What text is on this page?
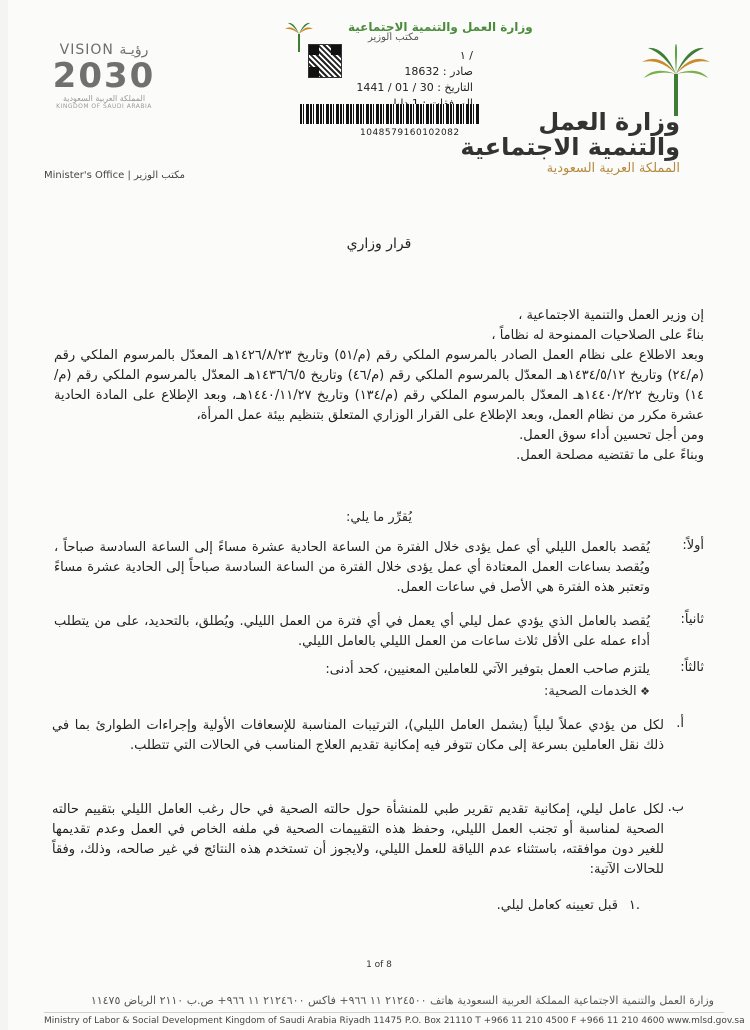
وزارة العمل
والتنمية الاجتماعية
المملكة العربية السعودية
وزارة العمل والتنمية الاجتماعية
مكتب الوزير
/ ١
صادر : 18632
التاريخ : 30 / 01 / 1441
1048579160102082
VISION رؤيـة
2030
المملكة العربية السعودية
KINGDOM OF SAUDI ARABIA
Minister's Office | مكتب الوزير
قرار وزاري
إن وزير العمل والتنمية الاجتماعية ،
بناءً على الصلاحيات الممنوحة له نظاماً ،
وبعد الاطلاع على نظام العمل الصادر بالمرسوم الملكي رقم (م/٥١) وتاريخ ١٤٢٦/٨/٢٣هـ المعدّل بالمرسوم الملكي رقم (م/٢٤) وتاريخ ١٤٣٤/٥/١٢هـ المعدّل بالمرسوم الملكي رقم (م/٤٦) وتاريخ ١٤٣٦/٦/٥هـ المعدّل بالمرسوم الملكي رقم (م/١٤) وتاريخ ١٤٤٠/٢/٢٢هـ المعدّل بالمرسوم الملكي رقم (م/١٣٤) وتاريخ ١٤٤٠/١١/٢٧هـ، وبعد الإطلاع على المادة الحادية عشرة مكرر من نظام العمل، وبعد الإطلاع على القرار الوزاري المتعلق بتنظيم بيئة عمل المرأة،
ومن أجل تحسين أداء سوق العمل.
وبناءً على ما تقتضيه مصلحة العمل.
يُقرِّر ما يلي:
أولاً:
يُقصد بالعمل الليلي أي عمل يؤدى خلال الفترة من الساعة الحادية عشرة مساءً إلى الساعة السادسة صباحاً ، ويُقصد بساعات العمل المعتادة أي عمل يؤدى خلال الفترة من الساعة السادسة صباحاً إلى الحادية عشرة مساءً وتعتبر هذه الفترة هي الأصل في ساعات العمل.
ثانياً:
يُقصد بالعامل الذي يؤدي عمل ليلي أي يعمل في أي فترة من العمل الليلي. ويُطلق، بالتحديد، على من يتطلب أداء عمله على الأقل ثلاث ساعات من العمل الليلي بالعامل الليلي.
ثالثاً:
يلتزم صاحب العمل بتوفير الآتي للعاملين المعنيين، كحد أدنى:
❖ الخدمات الصحية:
أ.
لكل من يؤدي عملاً ليلياً (يشمل العامل الليلي)، الترتيبات المناسبة للإسعافات الأولية وإجراءات الطوارئ بما في ذلك نقل العاملين بسرعة إلى مكان تتوفر فيه إمكانية تقديم العلاج المناسب في الحالات التي تتطلب.
ب.
لكل عامل ليلي، إمكانية تقديم تقرير طبي للمنشأة حول حالته الصحية في حال رغب العامل الليلي بتقييم حالته الصحية لمناسبة أو تجنب العمل الليلي، وحفظ هذه التقييمات الصحية في ملفه الخاص في العمل وعدم تقديمها للغير دون موافقته، باستثناء عدم اللياقة للعمل الليلي، ولايجوز أن تستخدم هذه النتائج في غير صالحه، وذلك، وفقاً للحالات الآتية:
١.
قبل تعيينه كعامل ليلي.
1 of 8
وزارة العمل والتنمية الاجتماعية المملكة العربية السعودية هاتف ٢١٢٤٥٠٠ ١١ ٩٦٦+ فاكس ٢١٢٤٦٠٠ ١١ ٩٦٦+ ص.ب ٢١١٠ الرياض ١١٤٧٥
Ministry of Labor & Social Development Kingdom of Saudi Arabia Riyadh 11475 P.O. Box 21110 T +966 11 210 4500 F +966 11 210 4600 www.mlsd.gov.sa
